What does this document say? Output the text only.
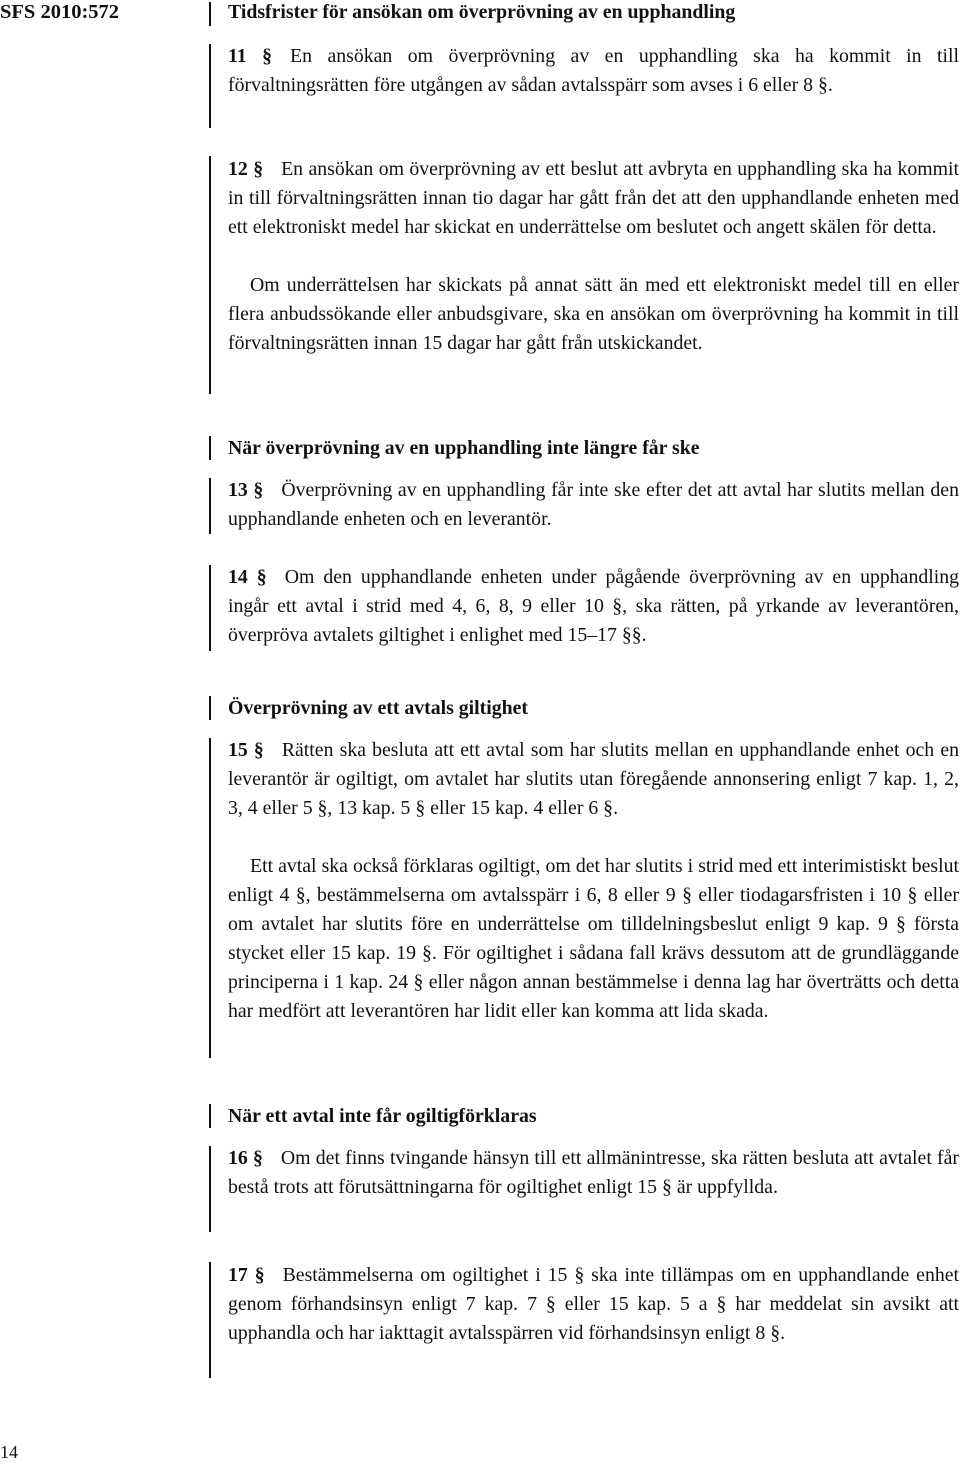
SFS 2010:572	Tidsfrister för ansökan om överprövning av en upphandling
11 § En ansökan om överprövning av en upphandling ska ha kommit in till förvaltningsrätten före utgången av sådan avtalsspärr som avses i 6 eller 8 §.
12 § En ansökan om överprövning av ett beslut att avbryta en upphandling ska ha kommit in till förvaltningsrätten innan tio dagar har gått från det att den upphandlande enheten med ett elektroniskt medel har skickat en underrättelse om beslutet och angett skälen för detta.
Om underrättelsen har skickats på annat sätt än med ett elektroniskt medel till en eller flera anbudssökande eller anbudsgivare, ska en ansökan om överprövning ha kommit in till förvaltningsrätten innan 15 dagar har gått från utskickandet.
När överprövning av en upphandling inte längre får ske
13 § Överprövning av en upphandling får inte ske efter det att avtal har slutits mellan den upphandlande enheten och en leverantör.
14 § Om den upphandlande enheten under pågående överprövning av en upphandling ingår ett avtal i strid med 4, 6, 8, 9 eller 10 §, ska rätten, på yrkande av leverantören, överpröva avtalets giltighet i enlighet med 15–17 §§.
Överprövning av ett avtals giltighet
15 § Rätten ska besluta att ett avtal som har slutits mellan en upphandlande enhet och en leverantör är ogiltigt, om avtalet har slutits utan föregående annonsering enligt 7 kap. 1, 2, 3, 4 eller 5 §, 13 kap. 5 § eller 15 kap. 4 eller 6 §.
Ett avtal ska också förklaras ogiltigt, om det har slutits i strid med ett interimistiskt beslut enligt 4 §, bestämmelserna om avtalsspärr i 6, 8 eller 9 § eller tiodagarsfristen i 10 § eller om avtalet har slutits före en underrättelse om tilldelningsbeslut enligt 9 kap. 9 § första stycket eller 15 kap. 19 §. För ogiltighet i sådana fall krävs dessutom att de grundläggande principerna i 1 kap. 24 § eller någon annan bestämmelse i denna lag har överträtts och detta har medfört att leverantören har lidit eller kan komma att lida skada.
När ett avtal inte får ogiltigförklaras
16 § Om det finns tvingande hänsyn till ett allmänintresse, ska rätten besluta att avtalet får bestå trots att förutsättningarna för ogiltighet enligt 15 § är uppfyllda.
17 § Bestämmelserna om ogiltighet i 15 § ska inte tillämpas om en upphandlande enhet genom förhandsinsyn enligt 7 kap. 7 § eller 15 kap. 5 a § har meddelat sin avsikt att upphandla och har iakttagit avtalsspärren vid förhandsinsyn enligt 8 §.
14
